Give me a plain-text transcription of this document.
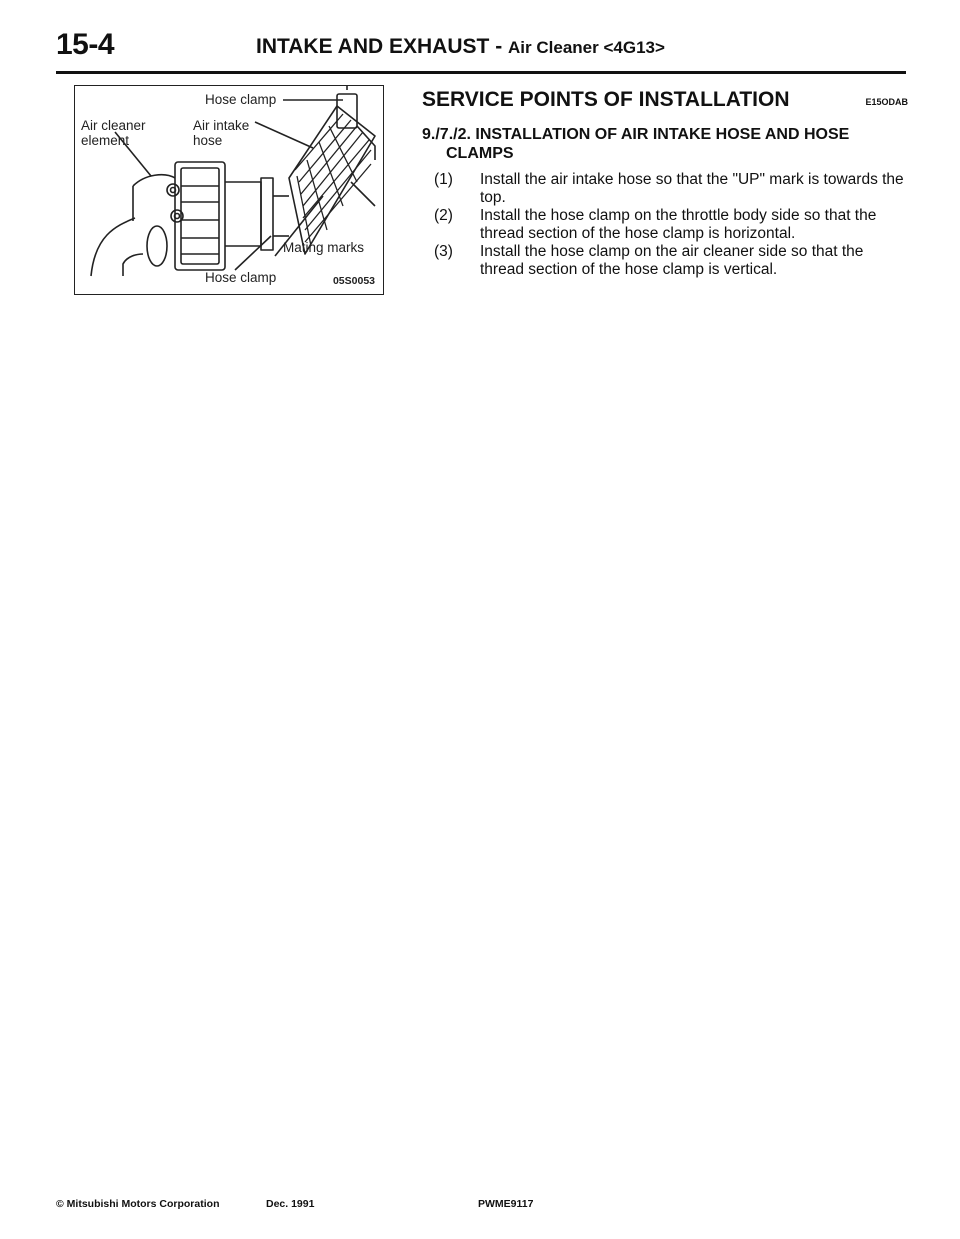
15-4	INTAKE AND EXHAUST - Air Cleaner <4G13>
Hose clamp
Air cleaner element
Air intake hose
Mating marks
Hose clamp	05S0053
SERVICE POINTS OF INSTALLATION	E15ODAB
9./7./2. INSTALLATION OF AIR INTAKE HOSE AND HOSE
CLAMPS
(1)	Install the air intake hose so that the "UP" mark is towards the top.
(2)	Install the hose clamp on the throttle body side so that the thread section of the hose clamp is horizontal.
(3)	Install the hose clamp on the air cleaner side so that the thread section of the hose clamp is vertical.
© Mitsubishi Motors Corporation	Dec. 1991	PWME9117
